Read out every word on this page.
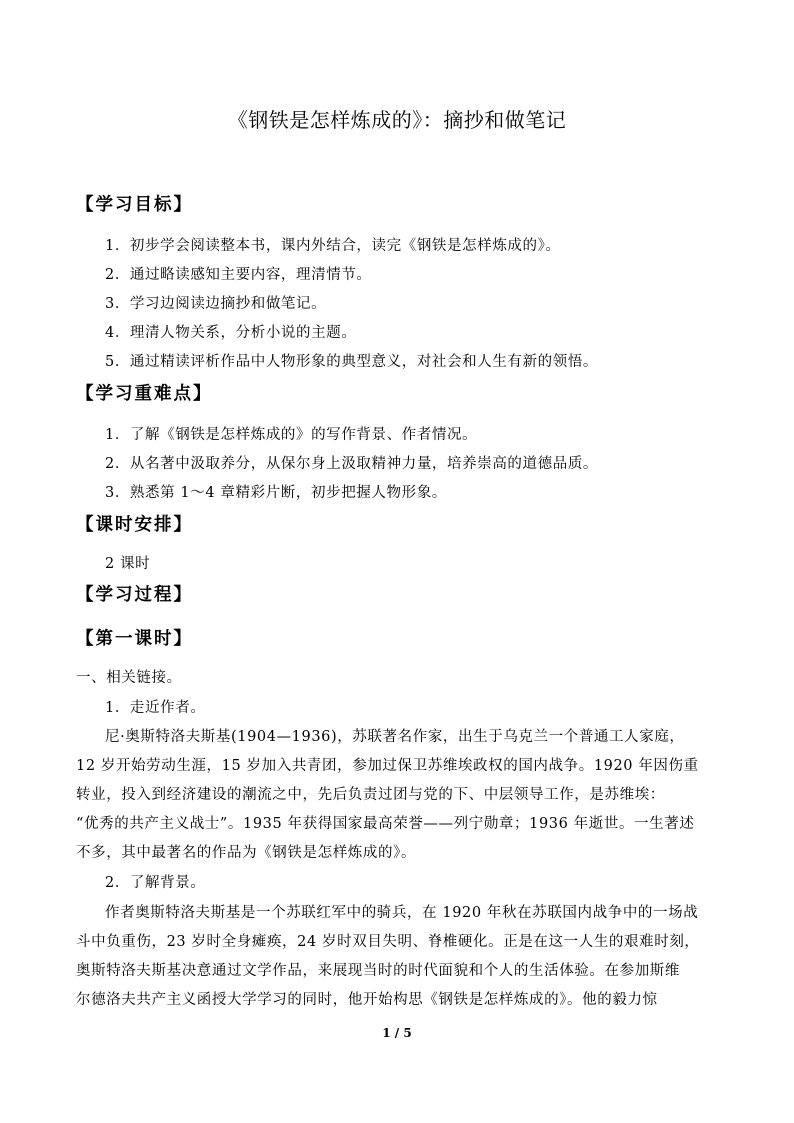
《钢铁是怎样炼成的》：摘抄和做笔记
【学习目标】
1．初步学会阅读整本书，课内外结合，读完《钢铁是怎样炼成的》。
2．通过略读感知主要内容，理清情节。
3．学习边阅读边摘抄和做笔记。
4．理清人物关系，分析小说的主题。
5．通过精读评析作品中人物形象的典型意义，对社会和人生有新的领悟。
【学习重难点】
1．了解《钢铁是怎样炼成的》的写作背景、作者情况。
2．从名著中汲取养分，从保尔身上汲取精神力量，培养崇高的道德品质。
3．熟悉第 1～4 章精彩片断，初步把握人物形象。
【课时安排】
2 课时
【学习过程】
【第一课时】
一、相关链接。
1．走近作者。
尼·奥斯特洛夫斯基(1904—1936)，苏联著名作家，出生于乌克兰一个普通工人家庭，
12 岁开始劳动生涯，15 岁加入共青团，参加过保卫苏维埃政权的国内战争。1920 年因伤重
转业，投入到经济建设的潮流之中，先后负责过团与党的下、中层领导工作，是苏维埃：
“优秀的共产主义战士”。1935 年获得国家最高荣誉——列宁勋章；1936 年逝世。一生著述
不多，其中最著名的作品为《钢铁是怎样炼成的》。
2．了解背景。
作者奥斯特洛夫斯基是一个苏联红军中的骑兵，在 1920 年秋在苏联国内战争中的一场战
斗中负重伤，23 岁时全身瘫痪，24 岁时双目失明、脊椎硬化。正是在这一人生的艰难时刻，
奥斯特洛夫斯基决意通过文学作品，来展现当时的时代面貌和个人的生活体验。在参加斯维
尔德洛夫共产主义函授大学学习的同时，他开始构思《钢铁是怎样炼成的》。他的毅力惊
1 / 5
